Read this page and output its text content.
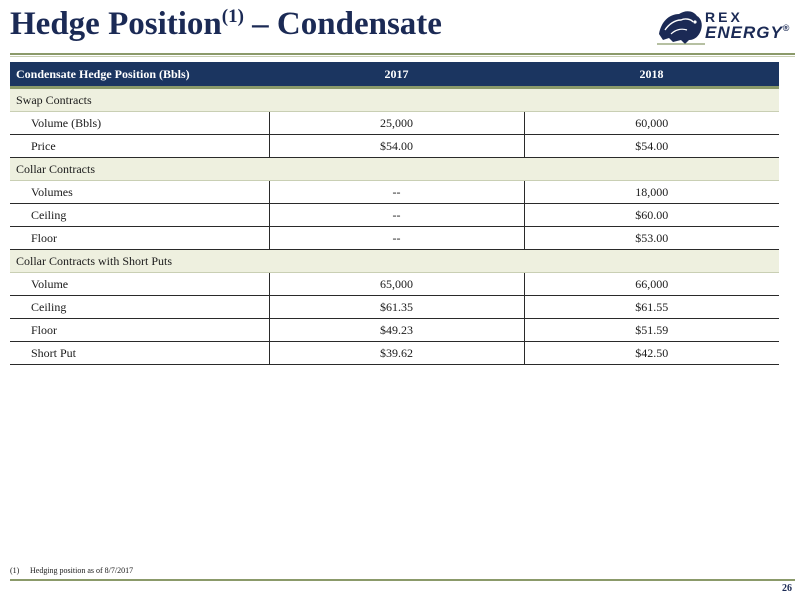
Hedge Position$^{(1)}$ – Condensate	REX
ENERGY®
Condensate Hedge Position (Bbls)	2017	2018
Swap Contracts		
Volume (Bbls)	25,000	60,000
Price	$54.00	$54.00
Collar Contracts		
Volumes	--	18,000
Ceiling	--	$60.00
Floor	--	$53.00
Collar Contracts with Short Puts		
Volume	65,000	66,000
Ceiling	$61.35	$61.55
Floor	$49.23	$51.59
Short Put	$39.62	$42.50
(1) Hedging position as of 8/7/2017
26
